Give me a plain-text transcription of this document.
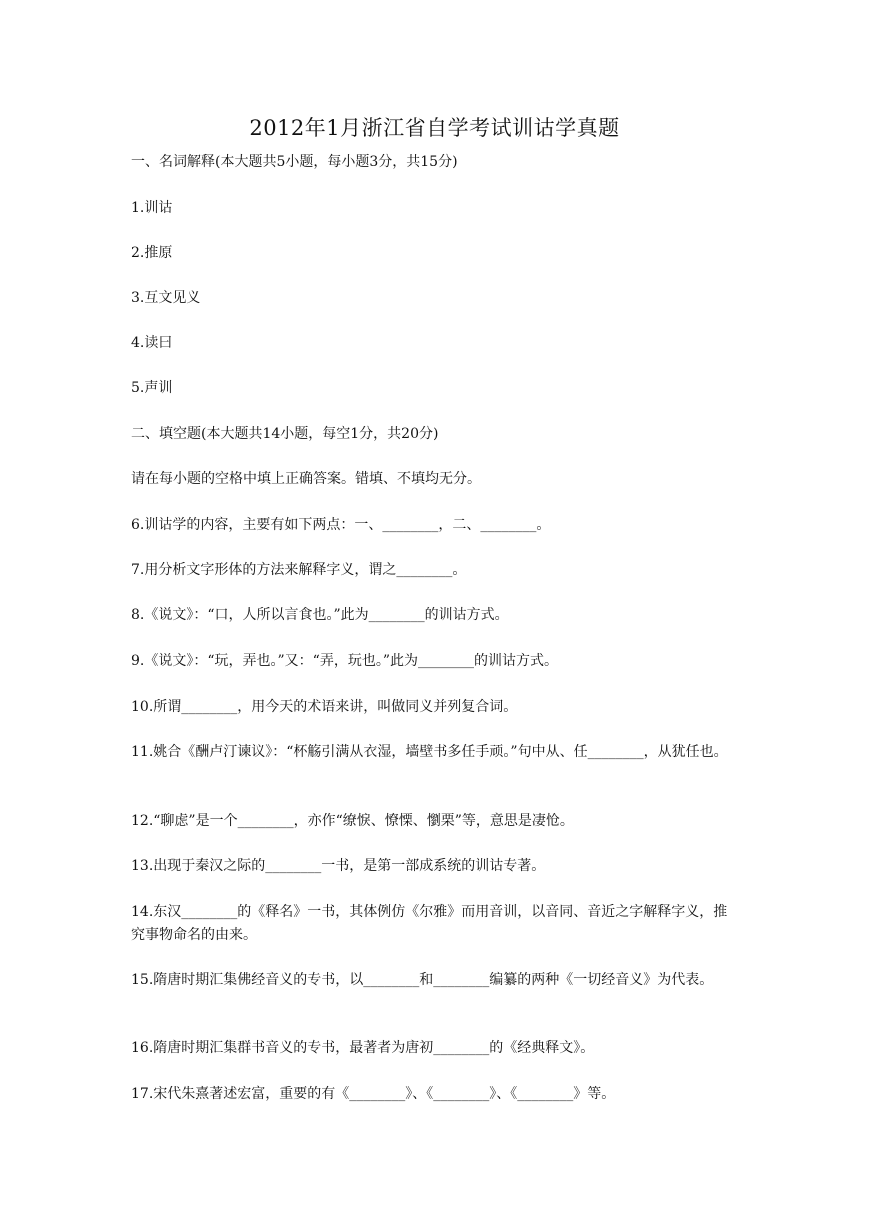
2012年1月浙江省自学考试训诂学真题
一、名词解释(本大题共5小题，每小题3分，共15分)
1.训诂
2.推原
3.互文见义
4.读曰
5.声训
二、填空题(本大题共14小题，每空1分，共20分)
请在每小题的空格中填上正确答案。错填、不填均无分。
6.训诂学的内容，主要有如下两点：一、________，二、________。
7.用分析文字形体的方法来解释字义，谓之________。
8.《说文》：“口，人所以言食也。”此为________的训诂方式。
9.《说文》：“玩，弄也。”又：“弄，玩也。”此为________的训诂方式。
10.所谓________，用今天的术语来讲，叫做同义并列复合词。
11.姚合《酬卢汀谏议》：“杯觞引满从衣湿，墙壁书多任手顽。”句中从、任________，从犹任也。
12.“聊虑”是一个________，亦作“缭悷、憭慄、懰栗”等，意思是凄怆。
13.出现于秦汉之际的________一书，是第一部成系统的训诂专著。
14.东汉________的《释名》一书，其体例仿《尔雅》而用音训，以音同、音近之字解释字义，推究事物命名的由来。
15.隋唐时期汇集佛经音义的专书，以________和________编纂的两种《一切经音义》为代表。
16.隋唐时期汇集群书音义的专书，最著者为唐初________的《经典释文》。
17.宋代朱熹著述宏富，重要的有《________》、《________》、《________》等。
